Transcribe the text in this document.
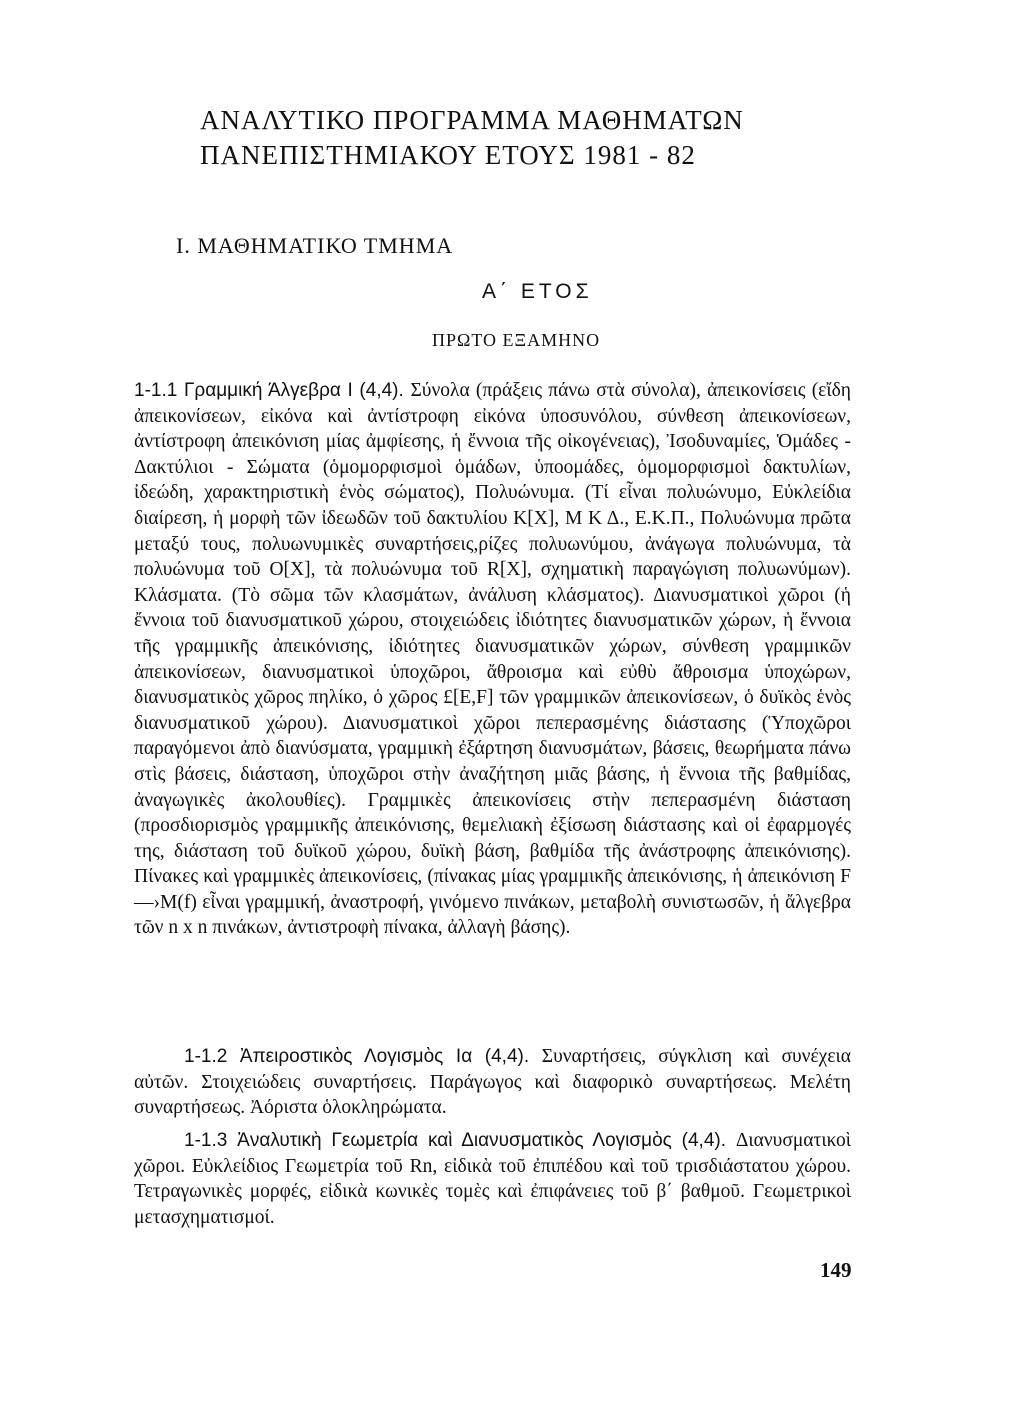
ΑΝΑΛΥΤΙΚΟ ΠΡΟΓΡΑΜΜΑ ΜΑΘΗΜΑΤΩΝ
ΠΑΝΕΠΙΣΤΗΜΙΑΚΟΥ ΕΤΟΥΣ 1981 - 82
Ι. ΜΑΘΗΜΑΤΙΚΟ ΤΜΗΜΑ
Α΄ ΕΤΟΣ
ΠΡΩΤΟ ΕΞΑΜΗΝΟ

1-1.1 Γραμμική Άλγεβρα Ι (4,4). Σύνολα (πράξεις πάνω στὰ σύνολα), ἀπεικονίσεις (εἴδη ἀπεικονίσεων, εἰκόνα καὶ ἀντίστροφη εἰκόνα ὑποσυνόλου, σύνθεση ἀπεικονίσεων, ἀντίστροφη ἀπεικόνιση μίας ἀμφίεσης, ἡ ἔννοια τῆς οἰκογένειας), Ἰσοδυναμίες, Ὁμάδες - Δακτύλιοι - Σώματα (ὁμομορφισμοὶ ὁμάδων, ὑποομάδες, ὁμομορφισμοὶ δακτυλίων, ἰδεώδη, χαρακτηριστικὴ ἑνὸς σώματος), Πολυώνυμα. (Τί εἶναι πολυώνυμο, Εὐκλείδια διαίρεση, ἡ μορφὴ τῶν ἰδεωδῶν τοῦ δακτυλίου K[X], Μ Κ Δ., Ε.Κ.Π., Πολυώνυμα πρῶτα μεταξύ τους, πολυωνυμικὲς συναρτήσεις,ρίζες πολυωνύμου, ἀνάγωγα πολυώνυμα, τὰ πολυώνυμα τοῦ O[X], τὰ πολυώνυμα τοῦ R[X], σχηματικὴ παραγώγιση πολυωνύμων). Κλάσματα. (Τὸ σῶμα τῶν κλασμάτων, ἀνάλυση κλάσματος). Διανυσματικοὶ χῶροι (ἡ ἔννοια τοῦ διανυσματικοῦ χώρου, στοιχειώδεις ἰδιότητες διανυσματικῶν χώρων, ἡ ἔννοια τῆς γραμμικῆς ἀπεικόνισης, ἰδιότητες διανυσματικῶν χώρων, σύνθεση γραμμικῶν ἀπεικονίσεων, διανυσματικοὶ ὑποχῶροι, ἄθροισμα καὶ εὐθὺ ἄθροισμα ὑποχώρων, διανυσματικὸς χῶρος πηλίκο, ὁ χῶρος £[E,F] τῶν γραμμικῶν ἀπεικονίσεων, ὁ δυϊκὸς ἑνὸς διανυσματικοῦ χώρου). Διανυσματικοὶ χῶροι πεπερασμένης διάστασης (Ὑποχῶροι παραγόμενοι ἀπὸ διανύσματα, γραμμικὴ ἐξάρτηση διανυσμάτων, βάσεις, θεωρήματα πάνω στὶς βάσεις, διάσταση, ὑποχῶροι στὴν ἀναζήτηση μιᾶς βάσης, ἡ ἔννοια τῆς βαθμίδας, ἀναγωγικὲς ἀκολουθίες). Γραμμικὲς ἀπεικονίσεις στὴν πεπερασμένη διάσταση (προσδιορισμὸς γραμμικῆς ἀπεικόνισης, θεμελιακὴ ἐξίσωση διάστασης καὶ οἱ ἐφαρμογές της, διάσταση τοῦ δυϊκοῦ χώρου, δυϊκὴ βάση, βαθμίδα τῆς ἀνάστροφης ἀπεικόνισης). Πίνακες καὶ γραμμικὲς ἀπεικονίσεις, (πίνακας μίας γραμμικῆς ἀπεικόνισης, ἡ ἀπεικόνιση F—›M(f) εἶναι γραμμική, ἀναστροφή, γινόμενο πινάκων, μεταβολὴ συνιστωσῶν, ἡ ἄλγεβρα τῶν n x n πινάκων, ἀντιστροφὴ πίνακα, ἀλλαγὴ βάσης).

1-1.2 Ἀπειροστικὸς Λογισμὸς Ια (4,4). Συναρτήσεις, σύγκλιση καὶ συνέχεια αὐτῶν. Στοιχειώδεις συναρτήσεις. Παράγωγος καὶ διαφορικὸ συναρτήσεως. Μελέτη συναρτήσεως. Ἀόριστα ὁλοκληρώματα.

1-1.3 Ἀναλυτικὴ Γεωμετρία καὶ Διανυσματικὸς Λογισμὸς (4,4). Διανυσματικοὶ χῶροι. Εὐκλείδιος Γεωμετρία τοῦ Rn, εἰδικὰ τοῦ ἐπιπέδου καὶ τοῦ τρισδιάστατου χώρου. Τετραγωνικὲς μορφές, εἰδικὰ κωνικὲς τομὲς καὶ ἐπιφάνειες τοῦ β΄ βαθμοῦ. Γεωμετρικοὶ μετασχηματισμοί.

149
